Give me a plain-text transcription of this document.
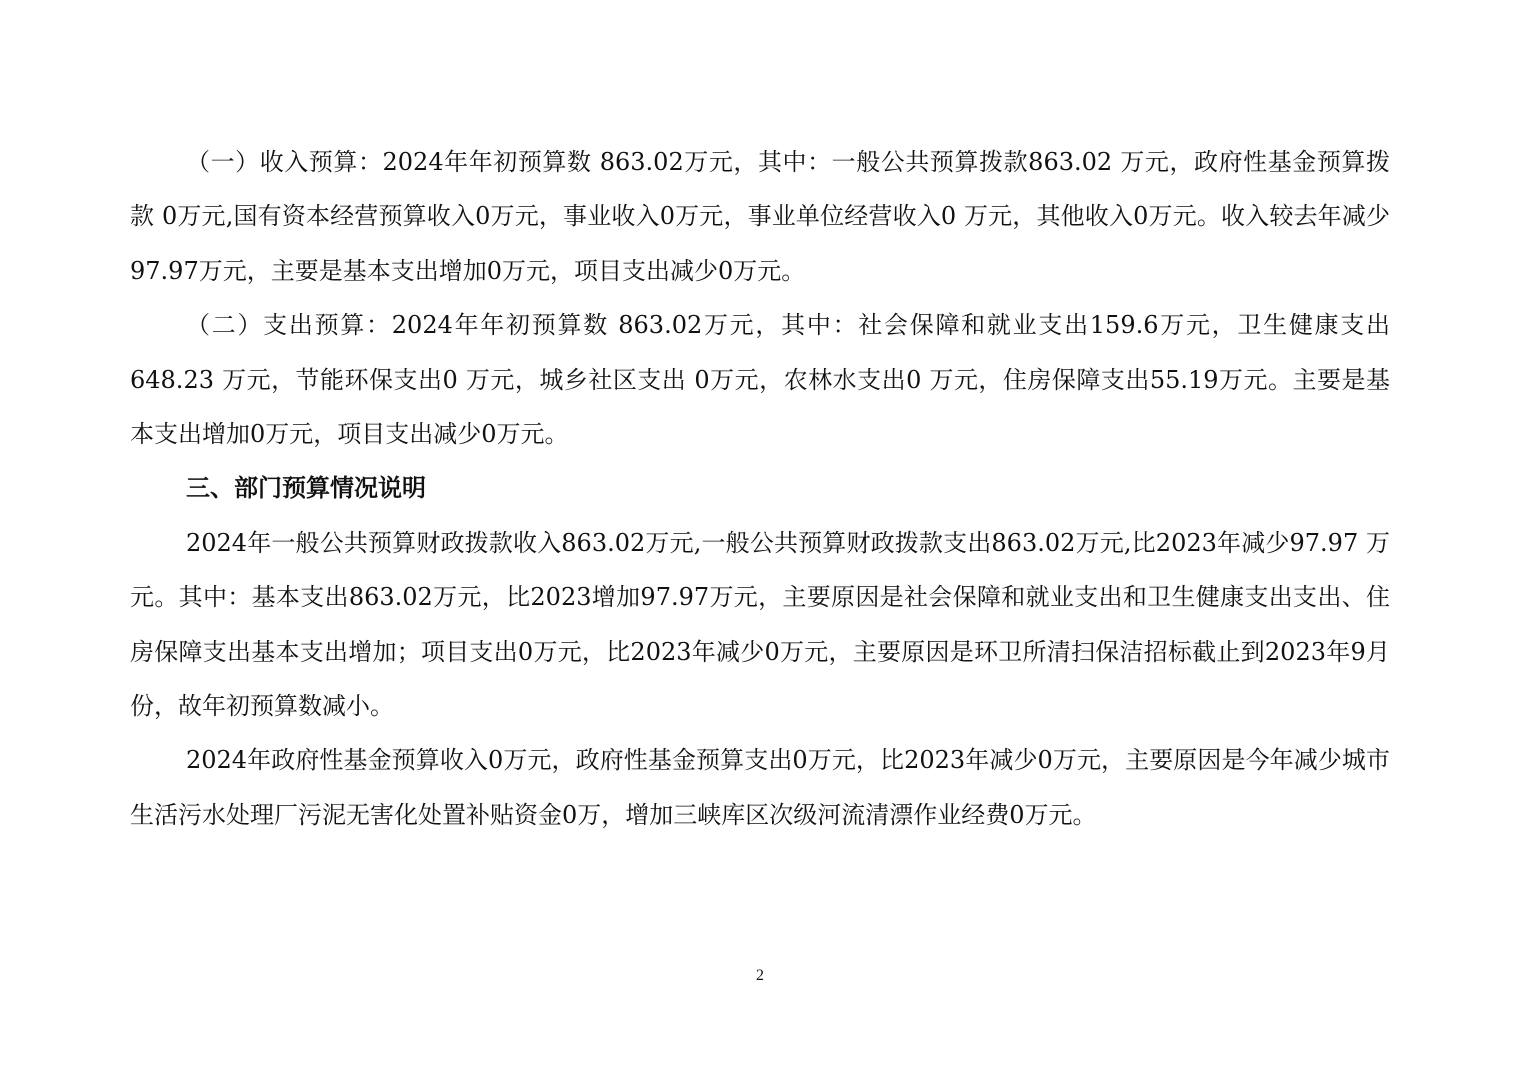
（一）收入预算：2024年年初预算数 863.02万元，其中：一般公共预算拨款863.02 万元，政府性基金预算拨款 0万元,国有资本经营预算收入0万元，事业收入0万元，事业单位经营收入0 万元，其他收入0万元。收入较去年减少97.97万元，主要是基本支出增加0万元，项目支出减少0万元。

（二）支出预算：2024年年初预算数 863.02万元，其中：社会保障和就业支出159.6万元，卫生健康支出648.23 万元，节能环保支出0 万元，城乡社区支出 0万元，农林水支出0 万元，住房保障支出55.19万元。主要是基本支出增加0万元，项目支出减少0万元。

三、部门预算情况说明

2024年一般公共预算财政拨款收入863.02万元,一般公共预算财政拨款支出863.02万元,比2023年减少97.97 万元。其中：基本支出863.02万元，比2023增加97.97万元，主要原因是社会保障和就业支出和卫生健康支出支出、住房保障支出基本支出增加；项目支出0万元，比2023年减少0万元，主要原因是环卫所清扫保洁招标截止到2023年9月份，故年初预算数减小。

2024年政府性基金预算收入0万元，政府性基金预算支出0万元，比2023年减少0万元，主要原因是今年减少城市生活污水处理厂污泥无害化处置补贴资金0万，增加三峡库区次级河流清漂作业经费0万元。

2
